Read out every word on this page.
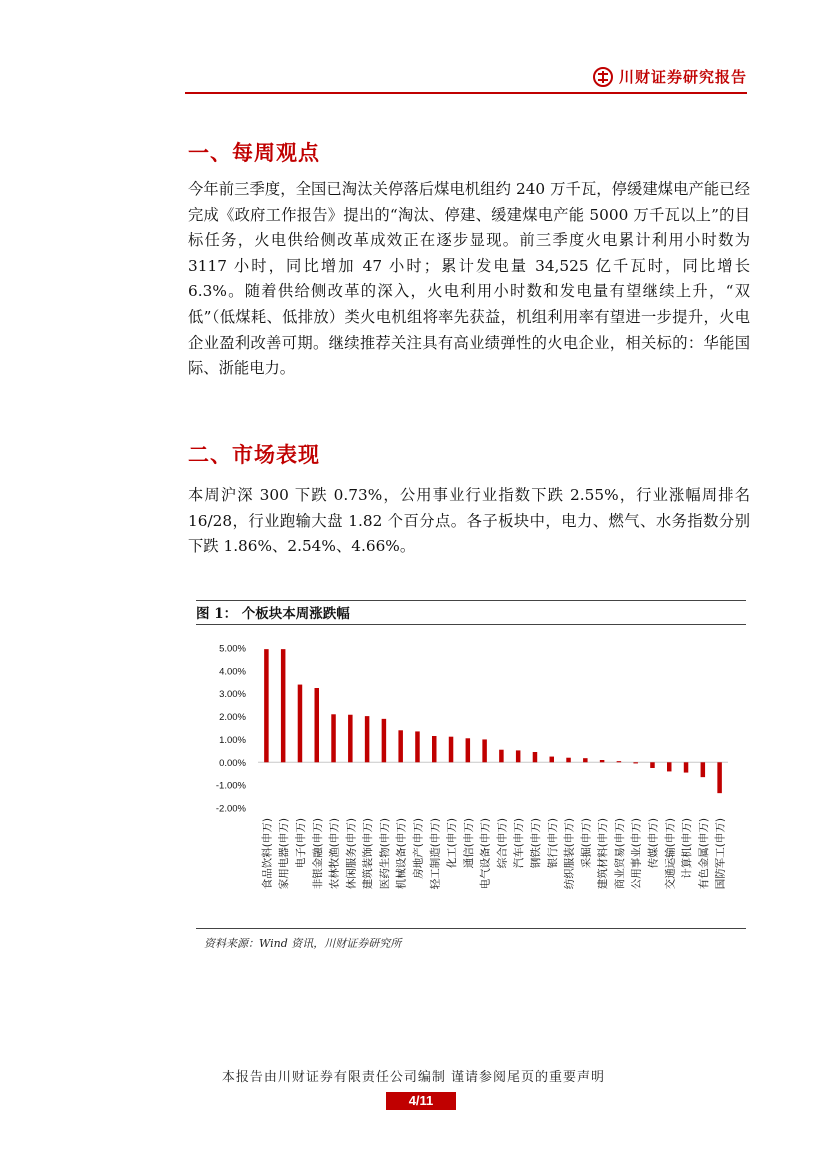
川财证券研究报告
一、每周观点

今年前三季度，全国已淘汰关停落后煤电机组约 240 万千瓦，停缓建煤电产能已经完成《政府工作报告》提出的“淘汰、停建、缓建煤电产能 5000 万千瓦以上”的目标任务，火电供给侧改革成效正在逐步显现。前三季度火电累计利用小时数为 3117 小时，同比增加 47 小时；累计发电量 34,525 亿千瓦时，同比增长 6.3%。随着供给侧改革的深入，火电利用小时数和发电量有望继续上升，“双低”（低煤耗、低排放）类火电机组将率先获益，机组利用率有望进一步提升，火电企业盈利改善可期。继续推荐关注具有高业绩弹性的火电企业，相关标的：华能国际、浙能电力。

二、市场表现

本周沪深 300 下跌 0.73%，公用事业行业指数下跌 2.55%，行业涨幅周排名 16/28，行业跑输大盘 1.82 个百分点。各子板块中，电力、燃气、水务指数分别下跌 1.86%、2.54%、4.66%。

图 1： 个板块本周涨跌幅
5.00%
4.00%
3.00%
2.00%
1.00%
0.00%
-1.00%
-2.00%
食品饮料(申万) 家用电器(申万) 电子(申万) 非银金融(申万) 农林牧渔(申万) 休闲服务(申万) 建筑装饰(申万) 医药生物(申万) 机械设备(申万) 房地产(申万) 轻工制造(申万) 化工(申万) 通信(申万) 电气设备(申万) 综合(申万) 汽车(申万) 钢铁(申万) 银行(申万) 纺织服装(申万) 采掘(申万) 建筑材料(申万) 商业贸易(申万) 公用事业(申万) 传媒(申万) 交通运输(申万) 计算机(申万) 有色金属(申万) 国防军工(申万)
资料来源：Wind 资讯，川财证券研究所
本报告由川财证券有限责任公司编制 谨请参阅尾页的重要声明
4/11
